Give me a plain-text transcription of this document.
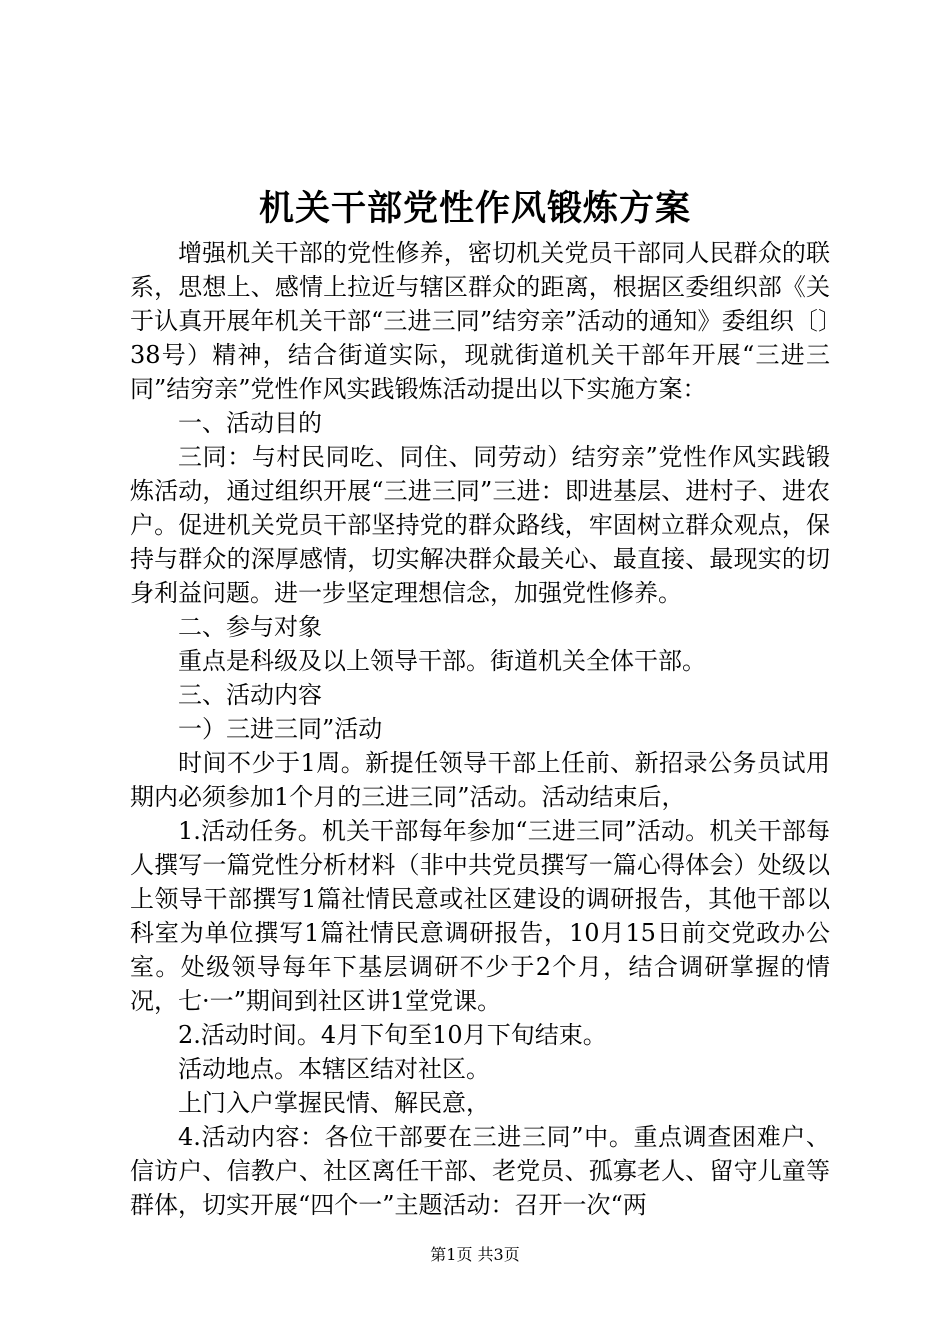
机关干部党性作风锻炼方案

增强机关干部的党性修养，密切机关党员干部同人民群众的联系，思想上、感情上拉近与辖区群众的距离，根据区委组织部《关于认真开展年机关干部“三进三同”结穷亲”活动的通知》委组织〔〕38号）精神，结合街道实际，现就街道机关干部年开展“三进三同”结穷亲”党性作风实践锻炼活动提出以下实施方案：

一、活动目的

三同：与村民同吃、同住、同劳动）结穷亲”党性作风实践锻炼活动，通过组织开展“三进三同”三进：即进基层、进村子、进农户。促进机关党员干部坚持党的群众路线，牢固树立群众观点，保持与群众的深厚感情，切实解决群众最关心、最直接、最现实的切身利益问题。进一步坚定理想信念，加强党性修养。

二、参与对象

重点是科级及以上领导干部。街道机关全体干部。

三、活动内容

一）三进三同”活动

时间不少于1周。新提任领导干部上任前、新招录公务员试用期内必须参加1个月的三进三同”活动。活动结束后，

1.活动任务。机关干部每年参加“三进三同”活动。机关干部每人撰写一篇党性分析材料（非中共党员撰写一篇心得体会）处级以上领导干部撰写1篇社情民意或社区建设的调研报告，其他干部以科室为单位撰写1篇社情民意调研报告，10月15日前交党政办公室。处级领导每年下基层调研不少于2个月，结合调研掌握的情况，七·一”期间到社区讲1堂党课。

2.活动时间。4月下旬至10月下旬结束。

活动地点。本辖区结对社区。

上门入户掌握民情、解民意，

4.活动内容：各位干部要在三进三同”中。重点调查困难户、信访户、信教户、社区离任干部、老党员、孤寡老人、留守儿童等群体，切实开展“四个一”主题活动：召开一次“两

第1页 共3页
